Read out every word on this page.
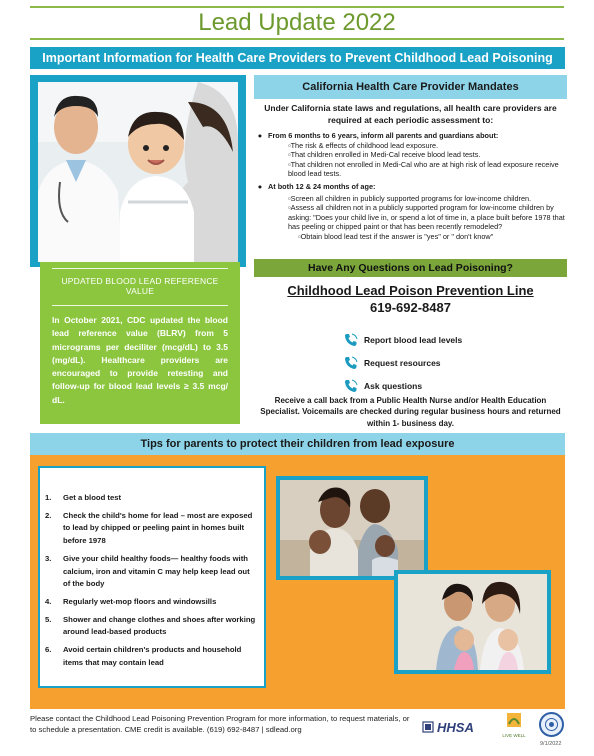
Lead Update 2022
Important Information for Health Care Providers to Prevent Childhood Lead Poisoning
UPDATED BLOOD LEAD REFERENCE VALUE
In October 2021, CDC updated the blood lead reference value (BLRV) from 5 micrograms per deciliter (mcg/dL) to 3.5 (mg/dL). Healthcare providers are encouraged to provide retesting and follow-up for blood lead levels ≥ 3.5 mcg/ dL.
California Health Care Provider Mandates
Under California state laws and regulations, all health care providers are required at each periodic assessment to:
● From 6 months to 6 years, inform all parents and guardians about:
▫The risk & effects of childhood lead exposure.
▫That children enrolled in Medi-Cal receive blood lead tests.
▫That children not enrolled in Medi-Cal who are at high risk of lead exposure receive blood lead tests.
● At both 12 & 24 months of age:
▫Screen all children in publicly supported programs for low-income children.
▫Assess all children not in a publicly supported program for low-income children by asking: "Does your child live in, or spend a lot of time in, a place built before 1978 that has peeling or chipped paint or that has been recently remodeled?
▫Obtain blood lead test if the answer is "yes" or " don't know"
Have Any Questions on Lead Poisoning?
Childhood Lead Poison Prevention Line
619-692-8487
Report blood lead levels
Request resources
Ask questions
Receive a call back from a Public Health Nurse and/or Health Education Specialist. Voicemails are checked during regular business hours and returned within 1- business day.
Tips for parents to protect their children from lead exposure
1.	Get a blood test
2.	Check the child's home for lead – most are exposed to lead by chipped or peeling paint in homes built before 1978
3.	Give your child healthy foods— healthy foods with calcium, iron and vitamin C may help keep lead out of the body
4.	Regularly wet-mop floors and windowsills
5.	Shower and change clothes and shoes after working around lead-based products
6.	Avoid certain children's products and household items that may contain lead
Please contact the Childhood Lead Poisoning Prevention Program for more information, to request materials, or to schedule a presentation. CME credit is available. (619) 692-8487 | sdlead.org	HHSA
LIVE WELL
9/1/2022
